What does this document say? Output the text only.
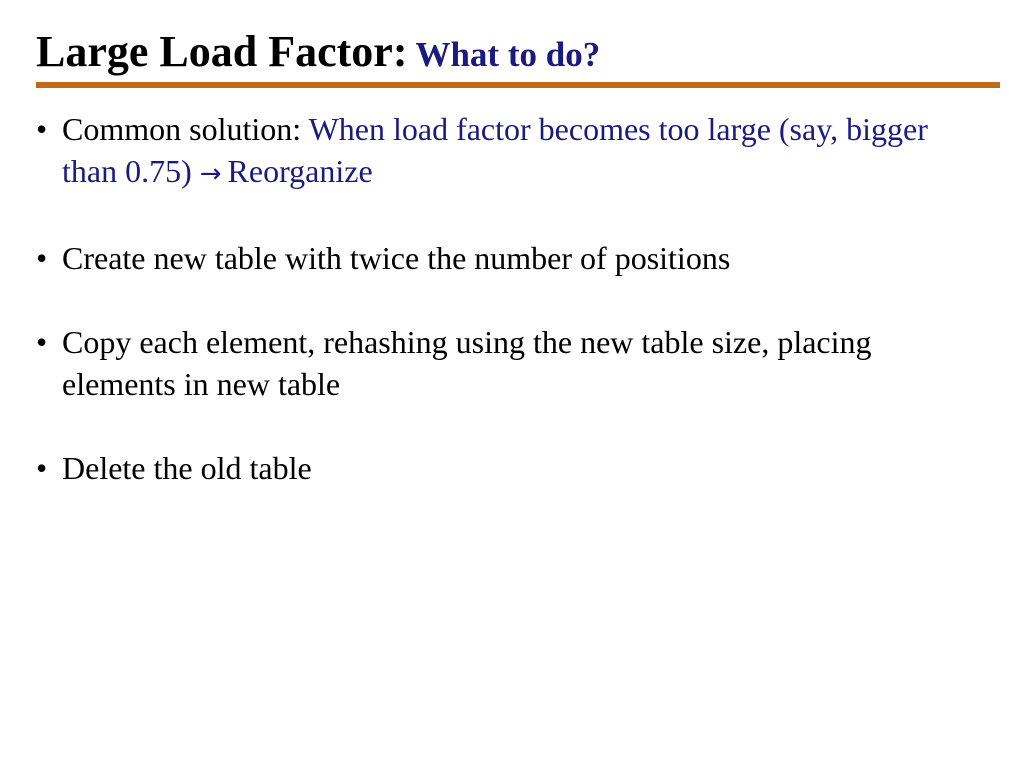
Large Load Factor: What to do?
• Common solution: When load factor becomes too large (say, bigger than 0.75) → Reorganize
• Create new table with twice the number of positions
• Copy each element, rehashing using the new table size, placing elements in new table
• Delete the old table
